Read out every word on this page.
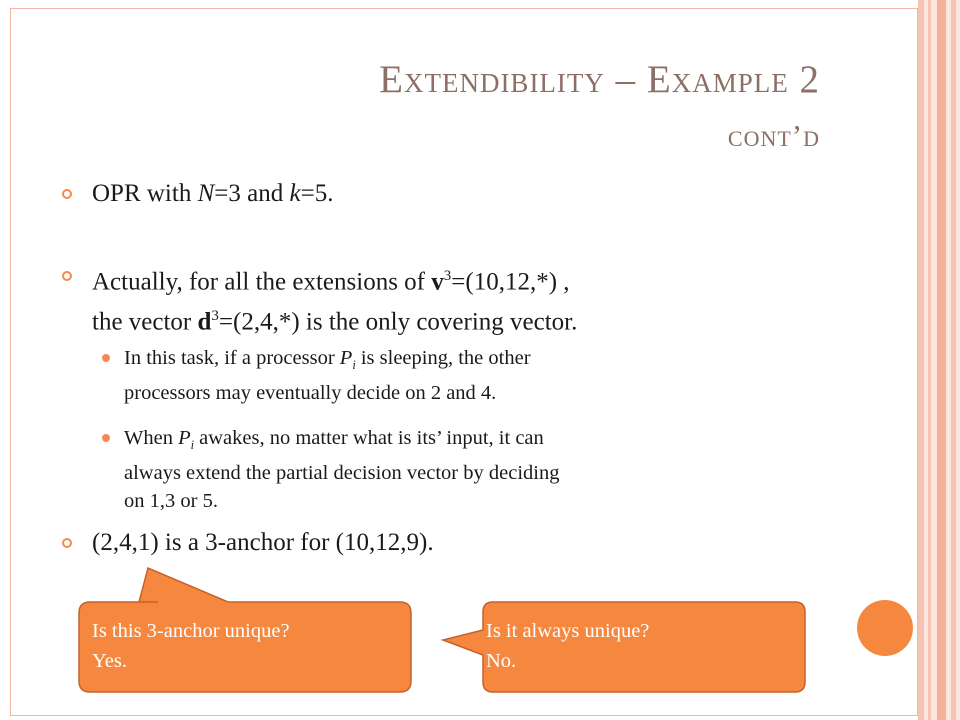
Extendibility – Example 2
cont’d
OPR with N=3 and k=5.
Actually, for all the extensions of $v^3=(10,12,*)$ ,
the vector $d^3=(2,4,*)$ is the only covering vector.
In this task, if a processor $P_i$ is sleeping, the other
processors may eventually decide on 2 and 4.
When $P_i$ awakes, no matter what is its’ input, it can
always extend the partial decision vector by deciding
on 1,3 or 5.
(2,4,1) is a 3-anchor for (10,12,9).
Is this 3-anchor unique?
Yes.
Is it always unique?
No.
